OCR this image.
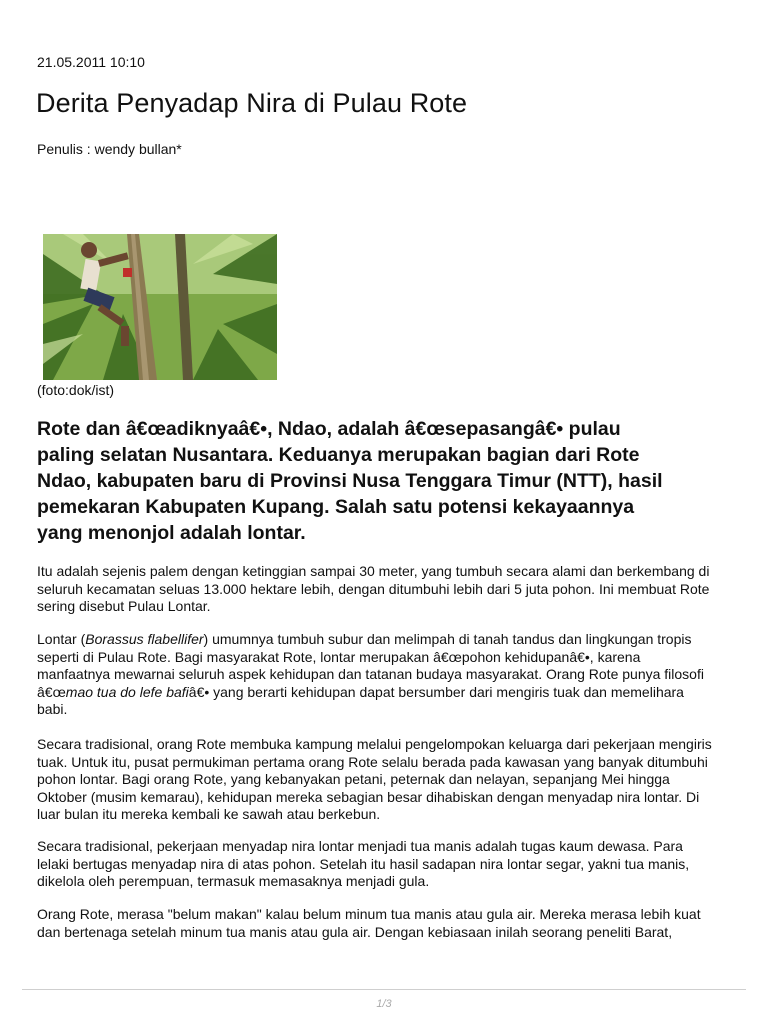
21.05.2011 10:10
Derita Penyadap Nira di Pulau Rote
Penulis : wendy bullan*
(foto:dok/ist)

Rote dan â€œadiknyaâ€•, Ndao, adalah â€œsepasangâ€• pulau
paling selatan Nusantara. Keduanya merupakan bagian dari Rote
Ndao, kabupaten baru di Provinsi Nusa Tenggara Timur (NTT), hasil
pemekaran Kabupaten Kupang. Salah satu potensi kekayaannya
yang menonjol adalah lontar.

Itu adalah sejenis palem dengan ketinggian sampai 30 meter, yang tumbuh secara alami dan berkembang di
seluruh kecamatan seluas 13.000 hektare lebih, dengan ditumbuhi lebih dari 5 juta pohon. Ini membuat Rote
sering disebut Pulau Lontar.

Lontar (Borassus flabellifer) umumnya tumbuh subur dan melimpah di tanah tandus dan lingkungan tropis
seperti di Pulau Rote. Bagi masyarakat Rote, lontar merupakan â€œpohon kehidupanâ€•, karena
manfaatnya mewarnai seluruh aspek kehidupan dan tatanan budaya masyarakat. Orang Rote punya filosofi
â€œmao tua do lefe bafiâ€• yang berarti kehidupan dapat bersumber dari mengiris tuak dan memelihara
babi.

Secara tradisional, orang Rote membuka kampung melalui pengelompokan keluarga dari pekerjaan mengiris
tuak. Untuk itu, pusat permukiman pertama orang Rote selalu berada pada kawasan yang banyak ditumbuhi
pohon lontar. Bagi orang Rote, yang kebanyakan petani, peternak dan nelayan, sepanjang Mei hingga
Oktober (musim kemarau), kehidupan mereka sebagian besar dihabiskan dengan menyadap nira lontar. Di
luar bulan itu mereka kembali ke sawah atau berkebun.

Secara tradisional, pekerjaan menyadap nira lontar menjadi tua manis adalah tugas kaum dewasa. Para
lelaki bertugas menyadap nira di atas pohon. Setelah itu hasil sadapan nira lontar segar, yakni tua manis,
dikelola oleh perempuan, termasuk memasaknya menjadi gula.

Orang Rote, merasa "belum makan" kalau belum minum tua manis atau gula air. Mereka merasa lebih kuat
dan bertenaga setelah minum tua manis atau gula air. Dengan kebiasaan inilah seorang peneliti Barat,

1/3
